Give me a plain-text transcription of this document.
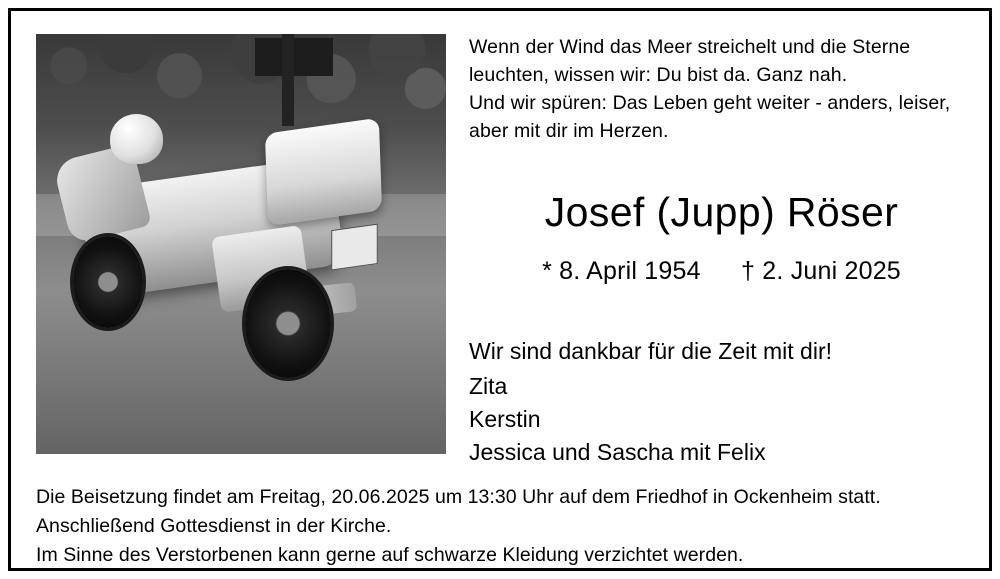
Wenn der Wind das Meer streichelt und die Sterne
leuchten, wissen wir: Du bist da. Ganz nah.
Und wir spüren: Das Leben geht weiter - anders, leiser,
aber mit dir im Herzen.
Josef (Jupp) Röser
* 8. April 1954 † 2. Juni 2025
Wir sind dankbar für die Zeit mit dir!
Zita
Kerstin
Jessica und Sascha mit Felix
Die Beisetzung findet am Freitag, 20.06.2025 um 13:30 Uhr auf dem Friedhof in Ockenheim statt.
Anschließend Gottesdienst in der Kirche.
Im Sinne des Verstorbenen kann gerne auf schwarze Kleidung verzichtet werden.
